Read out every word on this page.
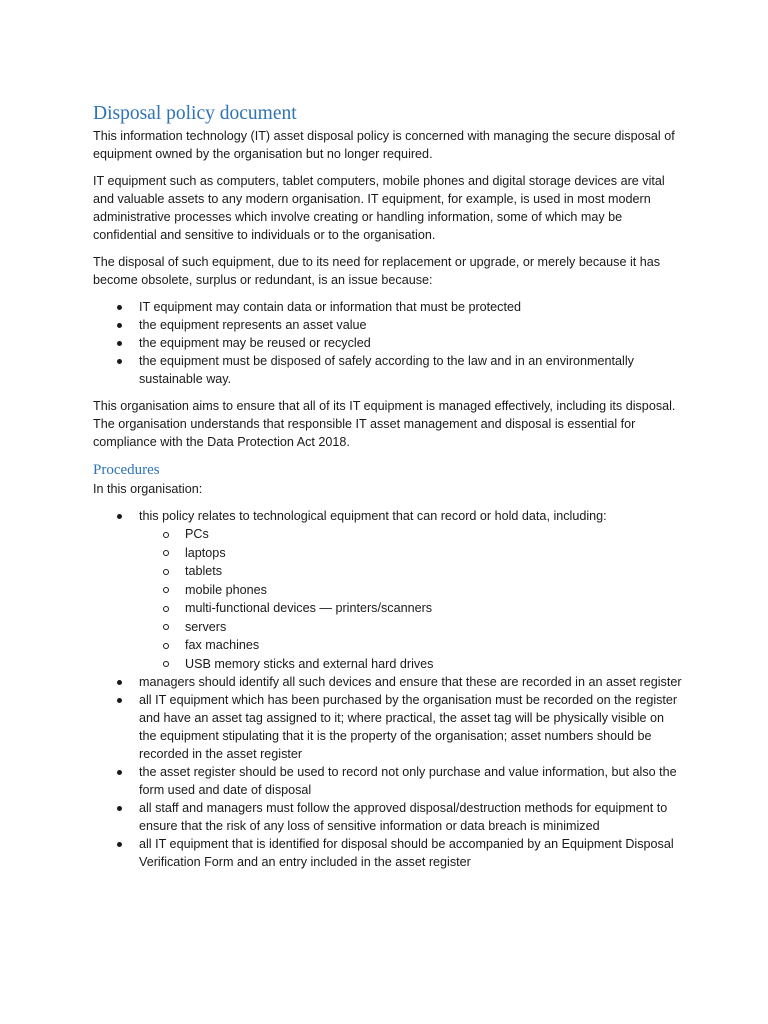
Disposal policy document

This information technology (IT) asset disposal policy is concerned with managing the secure disposal of equipment owned by the organisation but no longer required.

IT equipment such as computers, tablet computers, mobile phones and digital storage devices are vital and valuable assets to any modern organisation. IT equipment, for example, is used in most modern administrative processes which involve creating or handling information, some of which may be confidential and sensitive to individuals or to the organisation.

The disposal of such equipment, due to its need for replacement or upgrade, or merely because it has become obsolete, surplus or redundant, is an issue because:

IT equipment may contain data or information that must be protected
the equipment represents an asset value
the equipment may be reused or recycled
the equipment must be disposed of safely according to the law and in an environmentally sustainable way.

This organisation aims to ensure that all of its IT equipment is managed effectively, including its disposal. The organisation understands that responsible IT asset management and disposal is essential for compliance with the Data Protection Act 2018.

Procedures

In this organisation:

this policy relates to technological equipment that can record or hold data, including:
PCs
laptops
tablets
mobile phones
multi-functional devices — printers/scanners
servers
fax machines
USB memory sticks and external hard drives
managers should identify all such devices and ensure that these are recorded in an asset register
all IT equipment which has been purchased by the organisation must be recorded on the register and have an asset tag assigned to it; where practical, the asset tag will be physically visible on the equipment stipulating that it is the property of the organisation; asset numbers should be recorded in the asset register
the asset register should be used to record not only purchase and value information, but also the form used and date of disposal
all staff and managers must follow the approved disposal/destruction methods for equipment to ensure that the risk of any loss of sensitive information or data breach is minimized
all IT equipment that is identified for disposal should be accompanied by an Equipment Disposal Verification Form and an entry included in the asset register
